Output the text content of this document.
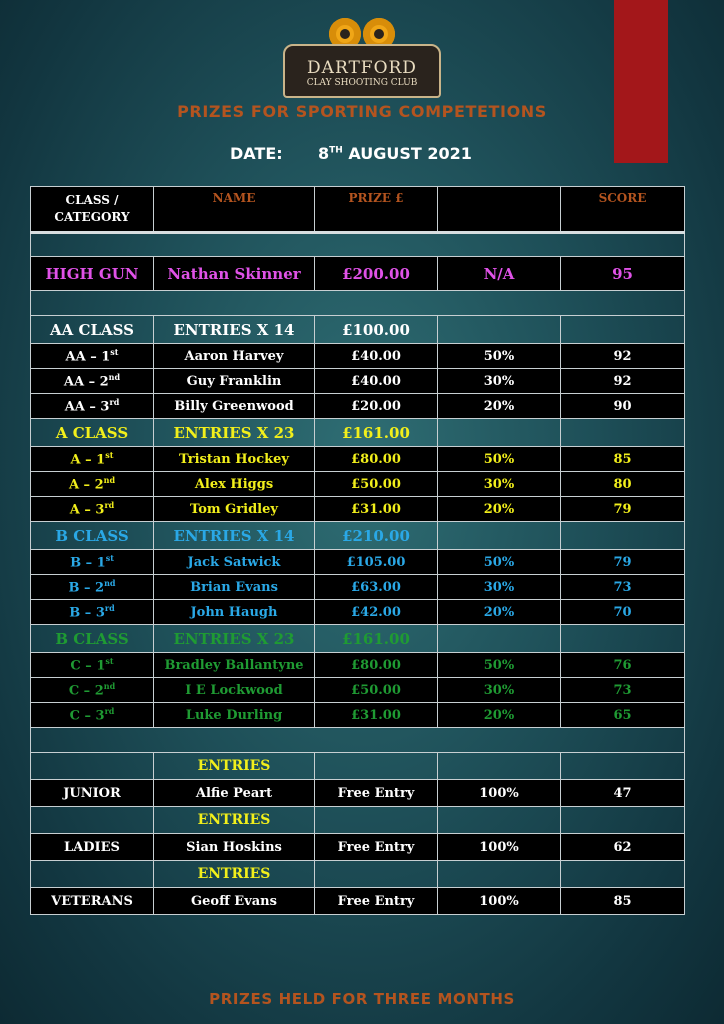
DARTFORD
CLAY SHOOTING CLUB
PRIZES FOR SPORTING COMPETETIONS
DATE: 8TH AUGUST 2021
CLASS / CATEGORY	NAME	PRIZE £		SCORE

HIGH GUN	Nathan Skinner	£200.00	N/A	95

AA CLASS	ENTRIES X 14	£100.00		
AA – 1st	Aaron Harvey	£40.00	50%	92
AA – 2nd	Guy Franklin	£40.00	30%	92
AA – 3rd	Billy Greenwood	£20.00	20%	90
A CLASS	ENTRIES X 23	£161.00		
A – 1st	Tristan Hockey	£80.00	50%	85
A – 2nd	Alex Higgs	£50.00	30%	80
A – 3rd	Tom Gridley	£31.00	20%	79
B CLASS	ENTRIES X 14	£210.00		
B – 1st	Jack Satwick	£105.00	50%	79
B – 2nd	Brian Evans	£63.00	30%	73
B – 3rd	John Haugh	£42.00	20%	70
B CLASS	ENTRIES X 23	£161.00		
C – 1st	Bradley Ballantyne	£80.00	50%	76
C – 2nd	I E Lockwood	£50.00	30%	73
C – 3rd	Luke Durling	£31.00	20%	65

	ENTRIES			
JUNIOR	Alfie Peart	Free Entry	100%	47
	ENTRIES			
LADIES	Sian Hoskins	Free Entry	100%	62
	ENTRIES			
VETERANS	Geoff Evans	Free Entry	100%	85
PRIZES HELD FOR THREE MONTHS
